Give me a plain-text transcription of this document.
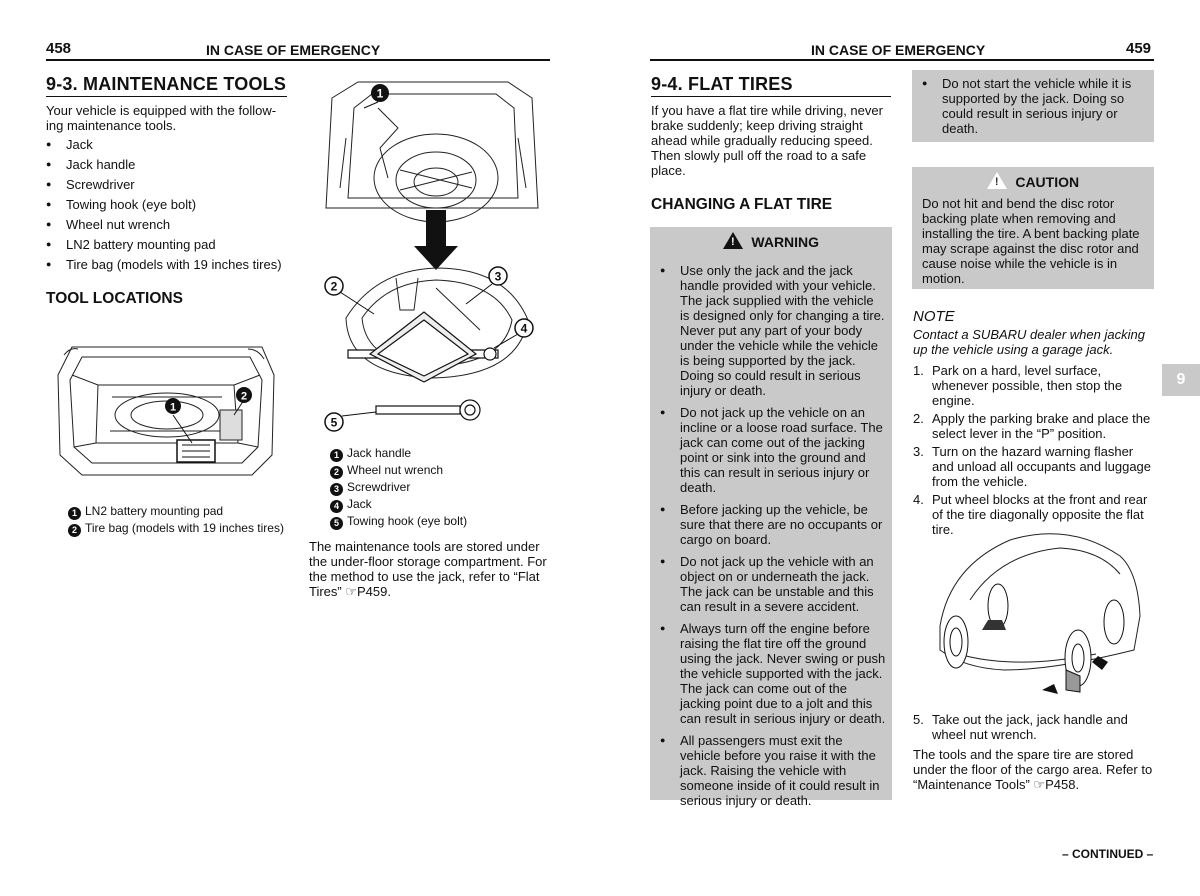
458	IN CASE OF EMERGENCY
9-3. MAINTENANCE TOOLS
Your vehicle is equipped with the follow-
ing maintenance tools.
● Jack
● Jack handle
● Screwdriver
● Towing hook (eye bolt)
● Wheel nut wrench
● LN2 battery mounting pad
● Tire bag (models with 19 inches tires)
TOOL LOCATIONS
1
2
1 LN2 battery mounting pad
2 Tire bag (models with 19 inches tires)
1
2
3
4
5
1 Jack handle
2 Wheel nut wrench
3 Screwdriver
4 Jack
5 Towing hook (eye bolt)
The maintenance tools are stored under the under-floor storage compartment. For the method to use the jack, refer to “Flat Tires” ☞P459.
IN CASE OF EMERGENCY	459
9-4. FLAT TIRES
If you have a flat tire while driving, never brake suddenly; keep driving straight ahead while gradually reducing speed. Then slowly pull off the road to a safe place.
CHANGING A FLAT TIRE
! WARNING
● Use only the jack and the jack handle provided with your vehicle. The jack supplied with the vehicle is designed only for changing a tire. Never put any part of your body under the vehicle while the vehicle is being supported by the jack. Doing so could result in serious injury or death.
● Do not jack up the vehicle on an incline or a loose road surface. The jack can come out of the jacking point or sink into the ground and this can result in serious injury or death.
● Before jacking up the vehicle, be sure that there are no occupants or cargo on board.
● Do not jack up the vehicle with an object on or underneath the jack. The jack can be unstable and this can result in a severe accident.
● Always turn off the engine before raising the flat tire off the ground using the jack. Never swing or push the vehicle supported with the jack. The jack can come out of the jacking point due to a jolt and this can result in serious injury or death.
● All passengers must exit the vehicle before you raise it with the jack. Raising the vehicle with someone inside of it could result in serious injury or death.
● Do not start the vehicle while it is supported by the jack. Doing so could result in serious injury or death.
! CAUTION
Do not hit and bend the disc rotor backing plate when removing and installing the tire. A bent backing plate may scrape against the disc rotor and cause noise while the vehicle is in motion.
NOTE
Contact a SUBARU dealer when jacking up the vehicle using a garage jack.
1. Park on a hard, level surface, whenever possible, then stop the engine.
2. Apply the parking brake and place the select lever in the “P” position.
3. Turn on the hazard warning flasher and unload all occupants and luggage from the vehicle.
4. Put wheel blocks at the front and rear of the tire diagonally opposite the flat tire.
9
5. Take out the jack, jack handle and wheel nut wrench.
The tools and the spare tire are stored under the floor of the cargo area. Refer to “Maintenance Tools” ☞P458.
– CONTINUED –
